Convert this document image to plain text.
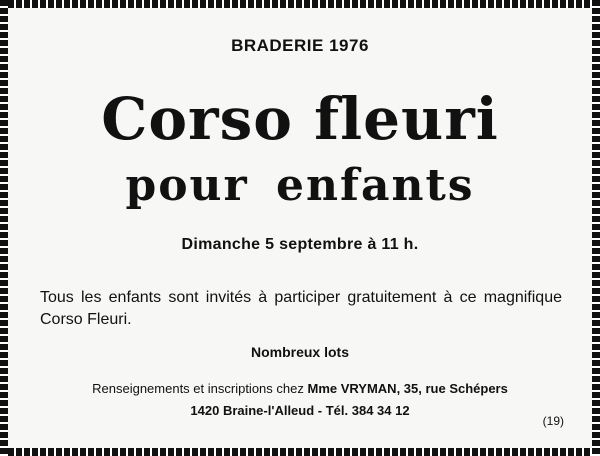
BRADERIE 1976
Corso fleuri
pour enfants
Dimanche 5 septembre à 11 h.
Tous les enfants sont invités à participer gratuitement à ce magnifique Corso Fleuri.
Nombreux lots
Renseignements et inscriptions chez Mme VRYMAN, 35, rue Schépers
1420 Braine-l'Alleud - Tél. 384 34 12
(19)
